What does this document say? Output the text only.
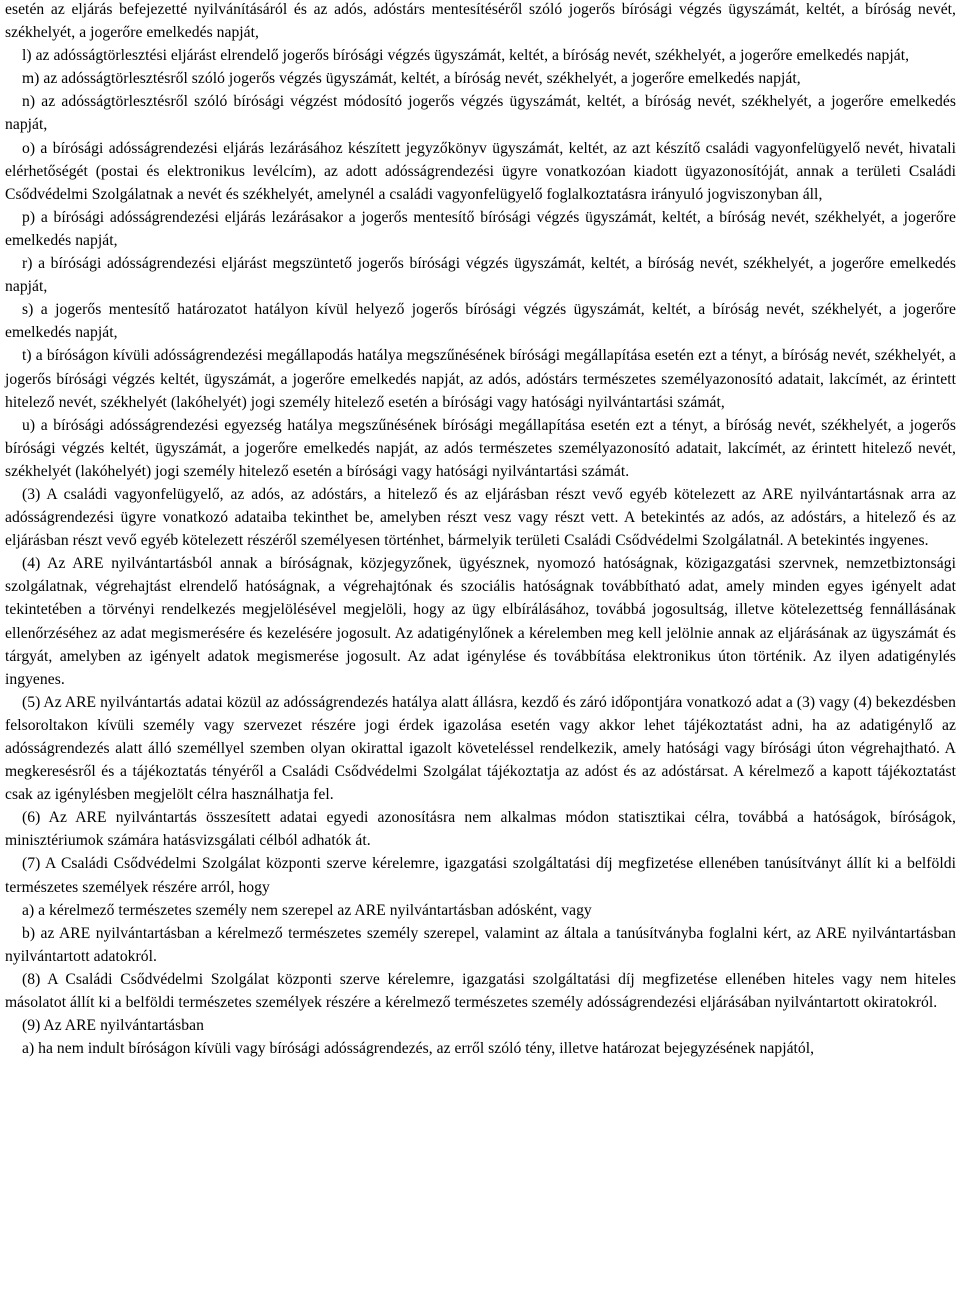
esetén az eljárás befejezetté nyilvánításáról és az adós, adóstárs mentesítéséről szóló jogerős bírósági végzés ügyszámát, keltét, a bíróság nevét, székhelyét, a jogerőre emelkedés napját,

l) az adósságtörlesztési eljárást elrendelő jogerős bírósági végzés ügyszámát, keltét, a bíróság nevét, székhelyét, a jogerőre emelkedés napját,

m) az adósságtörlesztésről szóló jogerős végzés ügyszámát, keltét, a bíróság nevét, székhelyét, a jogerőre emelkedés napját,

n) az adósságtörlesztésről szóló bírósági végzést módosító jogerős végzés ügyszámát, keltét, a bíróság nevét, székhelyét, a jogerőre emelkedés napját,

o) a bírósági adósságrendezési eljárás lezárásához készített jegyzőkönyv ügyszámát, keltét, az azt készítő családi vagyonfelügyelő nevét, hivatali elérhetőségét (postai és elektronikus levélcím), az adott adósságrendezési ügyre vonatkozóan kiadott ügyazonosítóját, annak a területi Családi Csődvédelmi Szolgálatnak a nevét és székhelyét, amelynél a családi vagyonfelügyelő foglalkoztatásra irányuló jogviszonyban áll,

p) a bírósági adósságrendezési eljárás lezárásakor a jogerős mentesítő bírósági végzés ügyszámát, keltét, a bíróság nevét, székhelyét, a jogerőre emelkedés napját,

r) a bírósági adósságrendezési eljárást megszüntető jogerős bírósági végzés ügyszámát, keltét, a bíróság nevét, székhelyét, a jogerőre emelkedés napját,

s) a jogerős mentesítő határozatot hatályon kívül helyező jogerős bírósági végzés ügyszámát, keltét, a bíróság nevét, székhelyét, a jogerőre emelkedés napját,

t) a bíróságon kívüli adósságrendezési megállapodás hatálya megszűnésének bírósági megállapítása esetén ezt a tényt, a bíróság nevét, székhelyét, a jogerős bírósági végzés keltét, ügyszámát, a jogerőre emelkedés napját, az adós, adóstárs természetes személyazonosító adatait, lakcímét, az érintett hitelező nevét, székhelyét (lakóhelyét) jogi személy hitelező esetén a bírósági vagy hatósági nyilvántartási számát,

u) a bírósági adósságrendezési egyezség hatálya megszűnésének bírósági megállapítása esetén ezt a tényt, a bíróság nevét, székhelyét, a jogerős bírósági végzés keltét, ügyszámát, a jogerőre emelkedés napját, az adós természetes személyazonosító adatait, lakcímét, az érintett hitelező nevét, székhelyét (lakóhelyét) jogi személy hitelező esetén a bírósági vagy hatósági nyilvántartási számát.

(3) A családi vagyonfelügyelő, az adós, az adóstárs, a hitelező és az eljárásban részt vevő egyéb kötelezett az ARE nyilvántartásnak arra az adósságrendezési ügyre vonatkozó adataiba tekinthet be, amelyben részt vesz vagy részt vett. A betekintés az adós, az adóstárs, a hitelező és az eljárásban részt vevő egyéb kötelezett részéről személyesen történhet, bármelyik területi Családi Csődvédelmi Szolgálatnál. A betekintés ingyenes.

(4) Az ARE nyilvántartásból annak a bíróságnak, közjegyzőnek, ügyésznek, nyomozó hatóságnak, közigazgatási szervnek, nemzetbiztonsági szolgálatnak, végrehajtást elrendelő hatóságnak, a végrehajtónak és szociális hatóságnak továbbítható adat, amely minden egyes igényelt adat tekintetében a törvényi rendelkezés megjelölésével megjelöli, hogy az ügy elbírálásához, továbbá jogosultság, illetve kötelezettség fennállásának ellenőrzéséhez az adat megismerésére és kezelésére jogosult. Az adatigénylőnek a kérelemben meg kell jelölnie annak az eljárásának az ügyszámát és tárgyát, amelyben az igényelt adatok megismerése jogosult. Az adat igénylése és továbbítása elektronikus úton történik. Az ilyen adatigénylés ingyenes.

(5) Az ARE nyilvántartás adatai közül az adósságrendezés hatálya alatt állásra, kezdő és záró időpontjára vonatkozó adat a (3) vagy (4) bekezdésben felsoroltakon kívüli személy vagy szervezet részére jogi érdek igazolása esetén vagy akkor lehet tájékoztatást adni, ha az adatigénylő az adósságrendezés alatt álló személlyel szemben olyan okirattal igazolt követeléssel rendelkezik, amely hatósági vagy bírósági úton végrehajtható. A megkeresésről és a tájékoztatás tényéről a Családi Csődvédelmi Szolgálat tájékoztatja az adóst és az adóstársat. A kérelmező a kapott tájékoztatást csak az igénylésben megjelölt célra használhatja fel.

(6) Az ARE nyilvántartás összesített adatai egyedi azonosításra nem alkalmas módon statisztikai célra, továbbá a hatóságok, bíróságok, minisztériumok számára hatásvizsgálati célból adhatók át.

(7) A Családi Csődvédelmi Szolgálat központi szerve kérelemre, igazgatási szolgáltatási díj megfizetése ellenében tanúsítványt állít ki a belföldi természetes személyek részére arról, hogy

a) a kérelmező természetes személy nem szerepel az ARE nyilvántartásban adósként, vagy

b) az ARE nyilvántartásban a kérelmező természetes személy szerepel, valamint az általa a tanúsítványba foglalni kért, az ARE nyilvántartásban nyilvántartott adatokról.

(8) A Családi Csődvédelmi Szolgálat központi szerve kérelemre, igazgatási szolgáltatási díj megfizetése ellenében hiteles vagy nem hiteles másolatot állít ki a belföldi természetes személyek részére a kérelmező természetes személy adósságrendezési eljárásában nyilvántartott okiratokról.

(9) Az ARE nyilvántartásban

a) ha nem indult bíróságon kívüli vagy bírósági adósságrendezés, az erről szóló tény, illetve határozat bejegyzésének napjától,
